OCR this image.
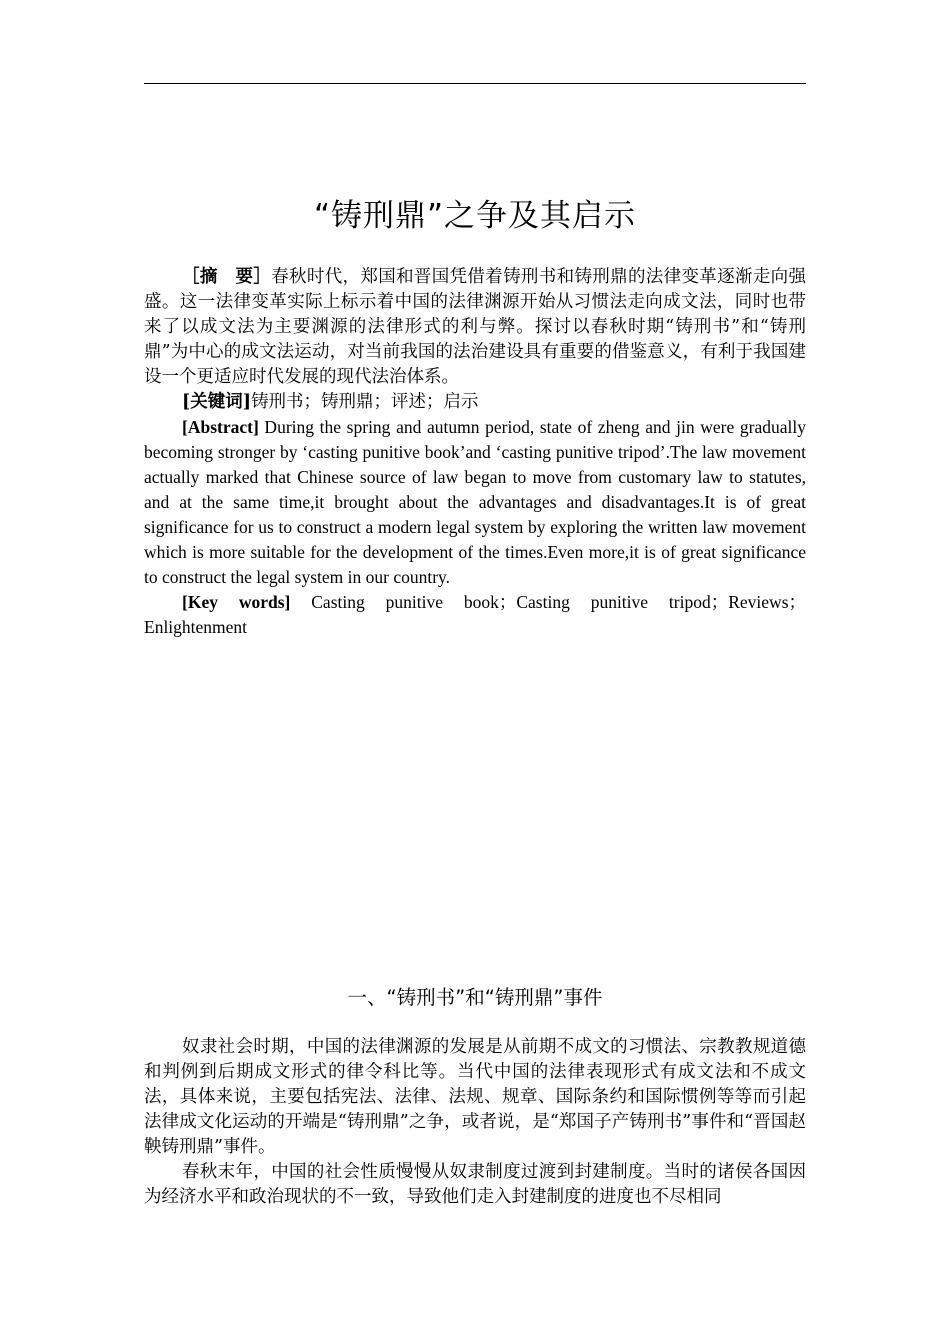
“铸刑鼎”之争及其启示

［摘　要］春秋时代，郑国和晋国凭借着铸刑书和铸刑鼎的法律变革逐渐走向强盛。这一法律变革实际上标示着中国的法律渊源开始从习惯法走向成文法，同时也带来了以成文法为主要渊源的法律形式的利与弊。探讨以春秋时期“铸刑书”和“铸刑鼎”为中心的成文法运动，对当前我国的法治建设具有重要的借鉴意义，有利于我国建设一个更适应时代发展的现代法治体系。

[关键词]铸刑书；铸刑鼎；评述；启示

[Abstract] During the spring and autumn period, state of zheng and jin were gradually becoming stronger by ‘casting punitive book’and ‘casting punitive tripod’.The law movement actually marked that Chinese source of law began to move from customary law to statutes, and at the same time,it brought about the advantages and disadvantages.It is of great significance for us to construct a modern legal system by exploring the written law movement which is more suitable for the development of the times.Even more,it is of great significance to construct the legal system in our country.

[Key words] Casting punitive book；Casting punitive tripod；Reviews；Enlightenment

一、“铸刑书”和“铸刑鼎”事件

奴隶社会时期，中国的法律渊源的发展是从前期不成文的习惯法、宗教教规道德和判例到后期成文形式的律令科比等。当代中国的法律表现形式有成文法和不成文法，具体来说，主要包括宪法、法律、法规、规章、国际条约和国际惯例等等而引起法律成文化运动的开端是“铸刑鼎”之争，或者说，是“郑国子产铸刑书”事件和“晋国赵鞅铸刑鼎”事件。

春秋末年，中国的社会性质慢慢从奴隶制度过渡到封建制度。当时的诸侯各国因为经济水平和政治现状的不一致，导致他们走入封建制度的进度也不尽相同
